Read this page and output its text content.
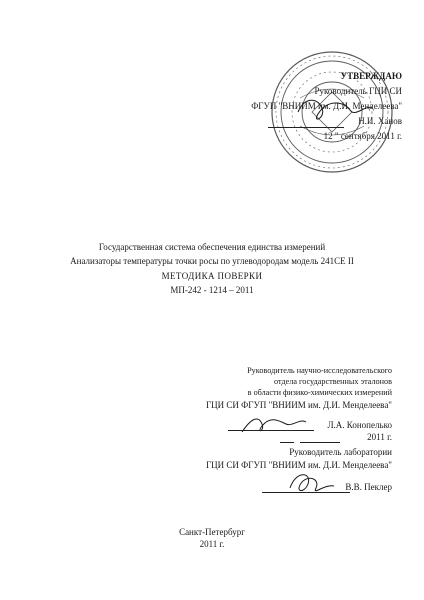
УТВЕРЖДАЮ
Руководитель ГЦИ СИ
ФГУП "ВНИИМ им. Д.И. Менделеева"
Н.И. Ханов
12 " сентября 2011 г.
Государственная система обеспечения единства измерений
Анализаторы температуры точки росы по углеводородам модель 241CE II
МЕТОДИКА ПОВЕРКИ
МП-242 - 1214 – 2011
Руководитель научно-исследовательского
отдела государственных эталонов
в области физико-химических измерений
ГЦИ СИ ФГУП "ВНИИМ им. Д.И. Менделеева"
Л.А. Конопелько
2011 г.
Руководитель лаборатории
ГЦИ СИ ФГУП "ВНИИМ им. Д.И. Менделеева"
В.В. Пеклер
Санкт-Петербург
2011 г.
